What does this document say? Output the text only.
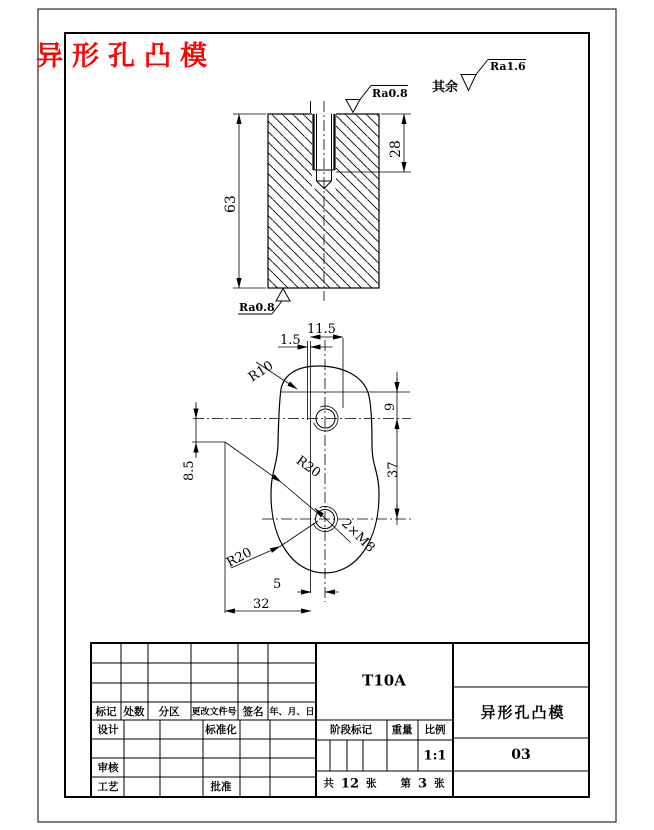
63
28
Ra0.8
Ra0.8
其余
Ra1.6
1.5
11.5
R10
9
37
8.5	R20
R20
2×M8
5
32
异形孔凸模
标记 处数 分区 更改文件号 签名 年、月、日
设计	标准化
审核
工艺	批准
T10A
阶段标记 重量 比例
1:1
共 12 张 第 3 张
异形孔凸模
03
